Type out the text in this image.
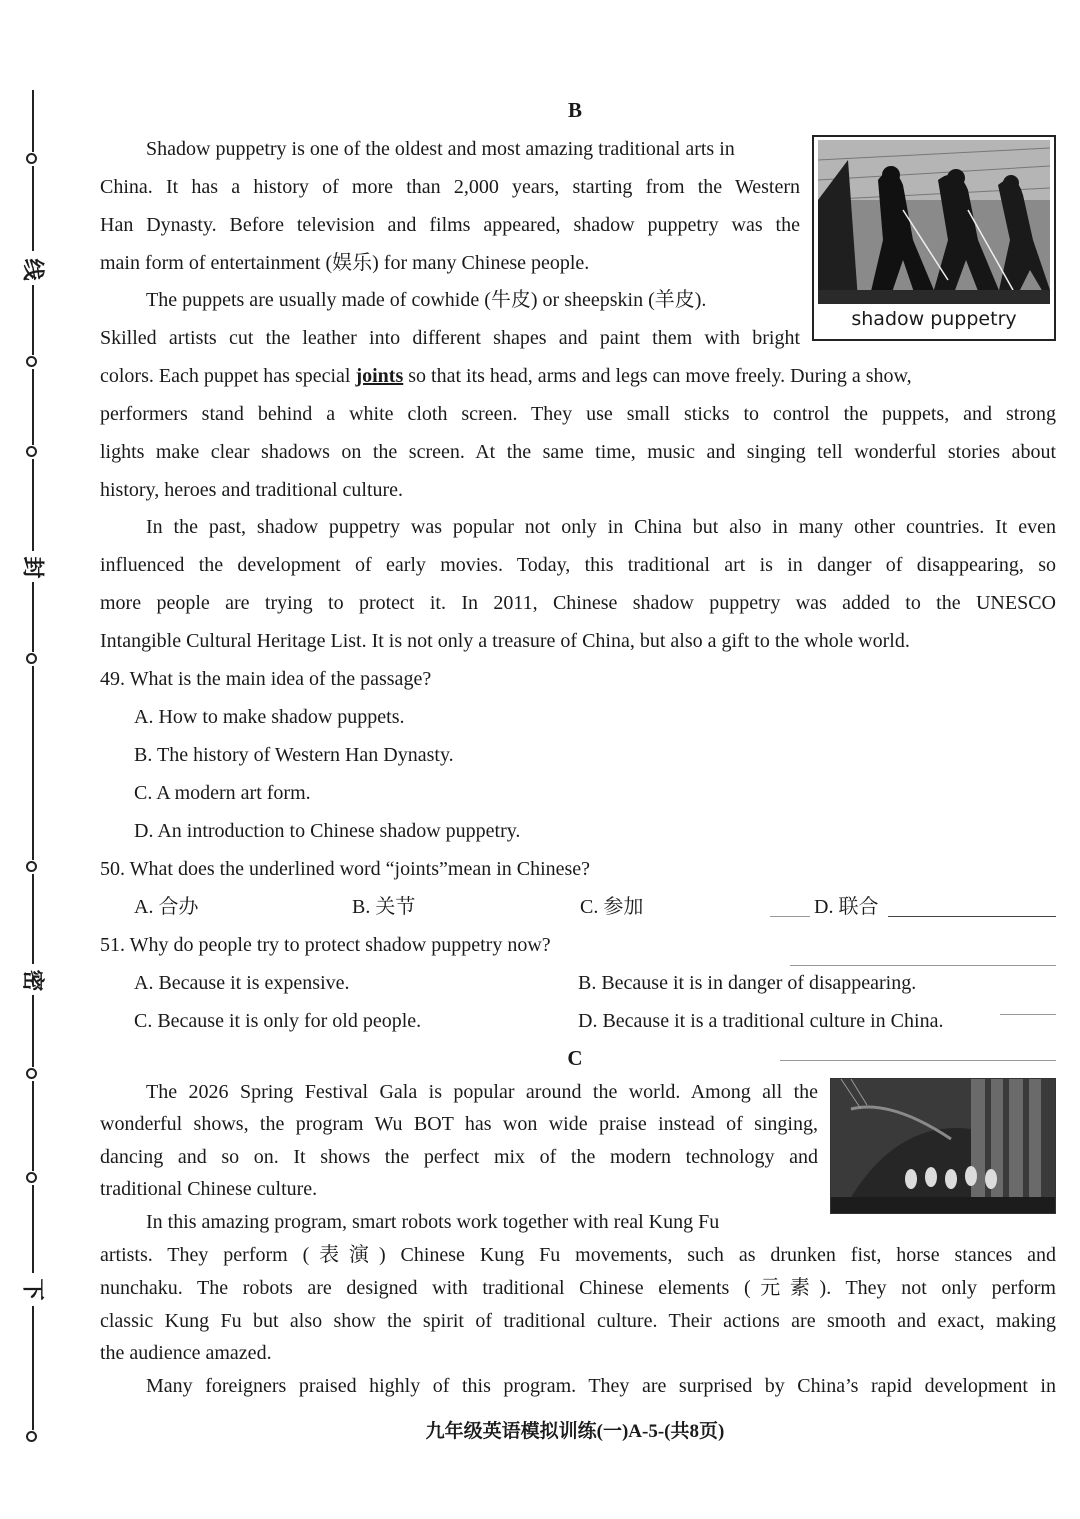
线
封
密
下
B
Shadow puppetry is one of the oldest and most amazing traditional arts in
China. It has a history of more than 2,000 years, starting from the Western
Han Dynasty. Before television and films appeared, shadow puppetry was the
main form of entertainment (娱乐) for many Chinese people.
The puppets are usually made of cowhide (牛皮) or sheepskin (羊皮).
Skilled artists cut the leather into different shapes and paint them with bright
colors. Each puppet has special joints so that its head, arms and legs can move freely. During a show,
performers stand behind a white cloth screen. They use small sticks to control the puppets, and strong
lights make clear shadows on the screen. At the same time, music and singing tell wonderful stories about
history, heroes and traditional culture.
In the past, shadow puppetry was popular not only in China but also in many other countries. It even
influenced the development of early movies. Today, this traditional art is in danger of disappearing, so
more people are trying to protect it. In 2011, Chinese shadow puppetry was added to the UNESCO
Intangible Cultural Heritage List. It is not only a treasure of China, but also a gift to the whole world.
shadow puppetry
49. What is the main idea of the passage?
A. How to make shadow puppets.
B. The history of Western Han Dynasty.
C. A modern art form.
D. An introduction to Chinese shadow puppetry.
50. What does the underlined word “joints”mean in Chinese?
A. 合办	B. 关节	C. 参加	D. 联合
51. Why do people try to protect shadow puppetry now?
A. Because it is expensive.	B. Because it is in danger of disappearing.
C. Because it is only for old people.	D. Because it is a traditional culture in China.
C
The 2026 Spring Festival Gala is popular around the world. Among all the
wonderful shows, the program Wu BOT has won wide praise instead of singing,
dancing and so on. It shows the perfect mix of the modern technology and
traditional Chinese culture.
In this amazing program, smart robots work together with real Kung Fu
artists. They perform (表演) Chinese Kung Fu movements, such as drunken fist, horse stances and
nunchaku. The robots are designed with traditional Chinese elements (元素). They not only perform
classic Kung Fu but also show the spirit of traditional culture. Their actions are smooth and exact, making
the audience amazed.
Many foreigners praised highly of this program. They are surprised by China’s rapid development in
九年级英语模拟训练(一)A-5-(共8页)
